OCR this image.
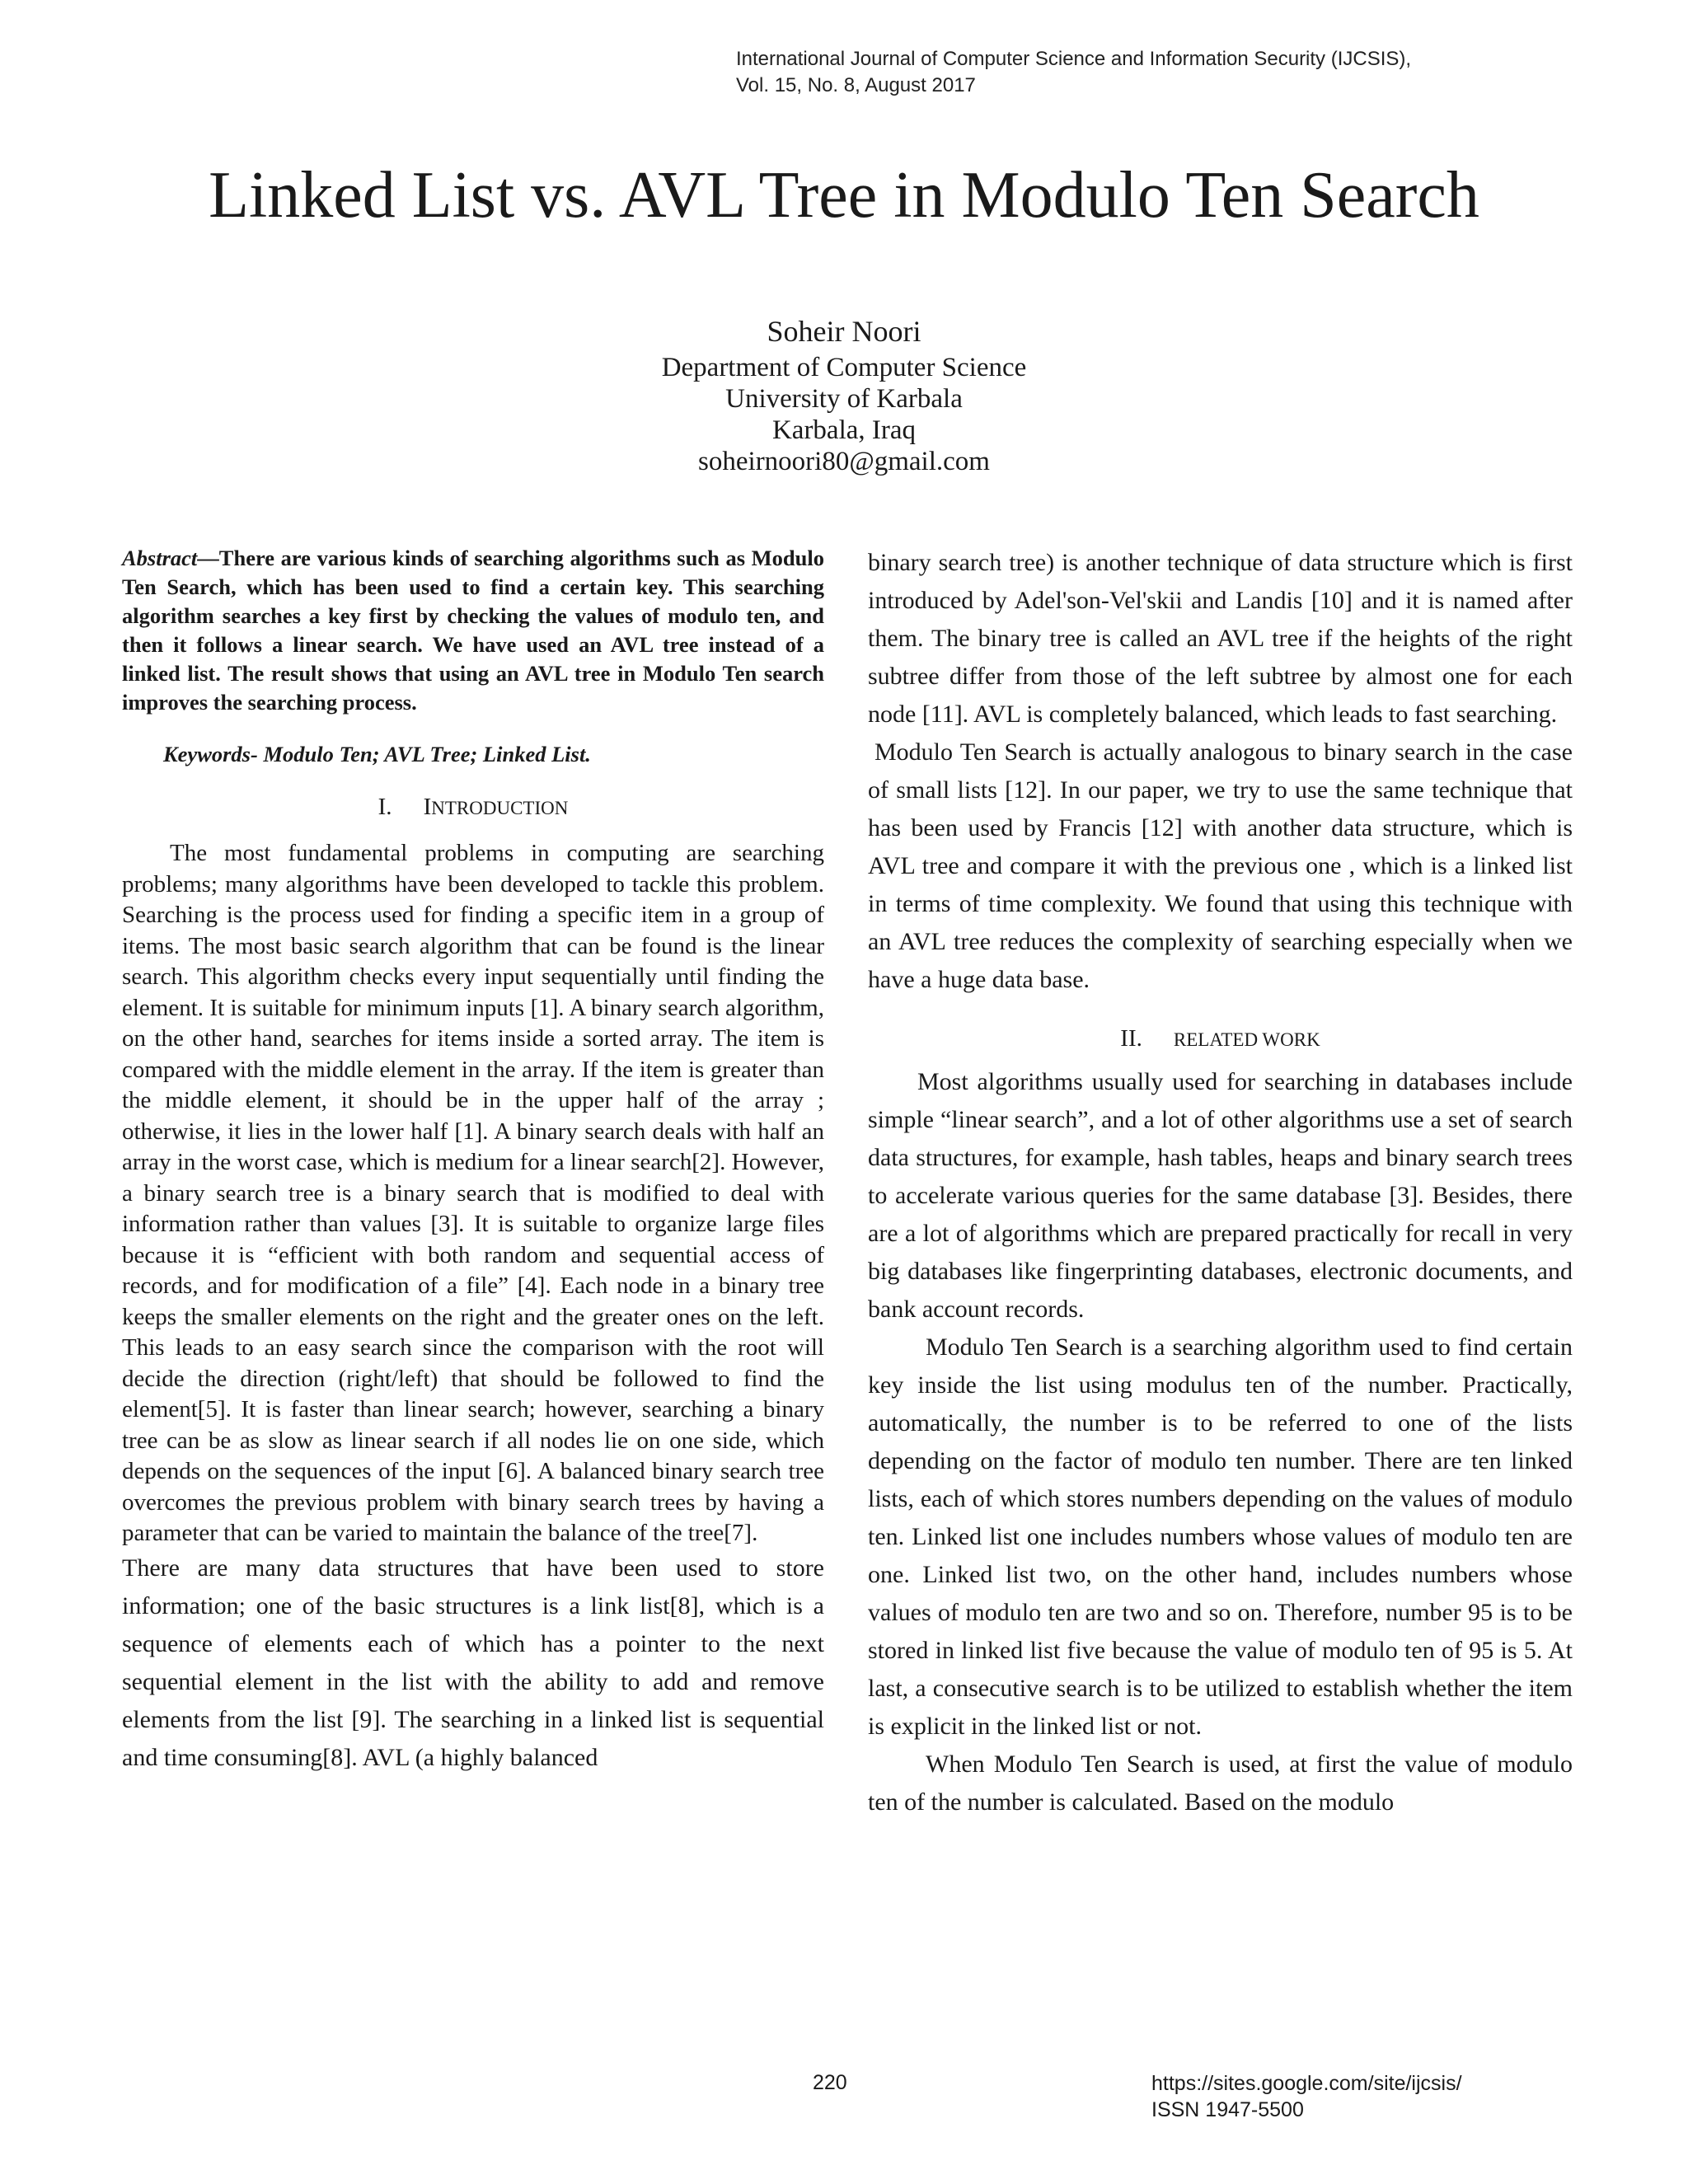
International Journal of Computer Science and Information Security (IJCSIS),
Vol. 15, No. 8, August 2017
Linked List vs. AVL Tree in Modulo Ten Search
Soheir Noori
Department of Computer Science
University of Karbala
Karbala, Iraq
soheirnoori80@gmail.com

Abstract—There are various kinds of searching algorithms such as Modulo Ten Search, which has been used to find a certain key. This searching algorithm searches a key first by checking the values of modulo ten, and then it follows a linear search. We have used an AVL tree instead of a linked list. The result shows that using an AVL tree in Modulo Ten search improves the searching process.

Keywords- Modulo Ten; AVL Tree; Linked List.

I. INTRODUCTION

The most fundamental problems in computing are searching problems; many algorithms have been developed to tackle this problem. Searching is the process used for finding a specific item in a group of items. The most basic search algorithm that can be found is the linear search. This algorithm checks every input sequentially until finding the element. It is suitable for minimum inputs [1]. A binary search algorithm, on the other hand, searches for items inside a sorted array. The item is compared with the middle element in the array. If the item is greater than the middle element, it should be in the upper half of the array ; otherwise, it lies in the lower half [1]. A binary search deals with half an array in the worst case, which is medium for a linear search[2]. However, a binary search tree is a binary search that is modified to deal with information rather than values [3]. It is suitable to organize large files because it is “efficient with both random and sequential access of records, and for modification of a file” [4]. Each node in a binary tree keeps the smaller elements on the right and the greater ones on the left. This leads to an easy search since the comparison with the root will decide the direction (right/left) that should be followed to find the element[5]. It is faster than linear search; however, searching a binary tree can be as slow as linear search if all nodes lie on one side, which depends on the sequences of the input [6]. A balanced binary search tree overcomes the previous problem with binary search trees by having a parameter that can be varied to maintain the balance of the tree[7].

There are many data structures that have been used to store information; one of the basic structures is a link list[8], which is a sequence of elements each of which has a pointer to the next sequential element in the list with the ability to add and remove elements from the list [9]. The searching in a linked list is sequential and time consuming[8]. AVL (a highly balanced

binary search tree) is another technique of data structure which is first introduced by Adel'son-Vel'skii and Landis [10] and it is named after them. The binary tree is called an AVL tree if the heights of the right subtree differ from those of the left subtree by almost one for each node [11]. AVL is completely balanced, which leads to fast searching.

Modulo Ten Search is actually analogous to binary search in the case of small lists [12]. In our paper, we try to use the same technique that has been used by Francis [12] with another data structure, which is AVL tree and compare it with the previous one , which is a linked list in terms of time complexity. We found that using this technique with an AVL tree reduces the complexity of searching especially when we have a huge data base.

II. RELATED WORK

Most algorithms usually used for searching in databases include simple “linear search”, and a lot of other algorithms use a set of search data structures, for example, hash tables, heaps and binary search trees to accelerate various queries for the same database [3]. Besides, there are a lot of algorithms which are prepared practically for recall in very big databases like fingerprinting databases, electronic documents, and bank account records.

Modulo Ten Search is a searching algorithm used to find certain key inside the list using modulus ten of the number. Practically, automatically, the number is to be referred to one of the lists depending on the factor of modulo ten number. There are ten linked lists, each of which stores numbers depending on the values of modulo ten. Linked list one includes numbers whose values of modulo ten are one. Linked list two, on the other hand, includes numbers whose values of modulo ten are two and so on. Therefore, number 95 is to be stored in linked list five because the value of modulo ten of 95 is 5. At last, a consecutive search is to be utilized to establish whether the item is explicit in the linked list or not.

When Modulo Ten Search is used, at first the value of modulo ten of the number is calculated. Based on the modulo

220	https://sites.google.com/site/ijcsis/
ISSN 1947-5500
